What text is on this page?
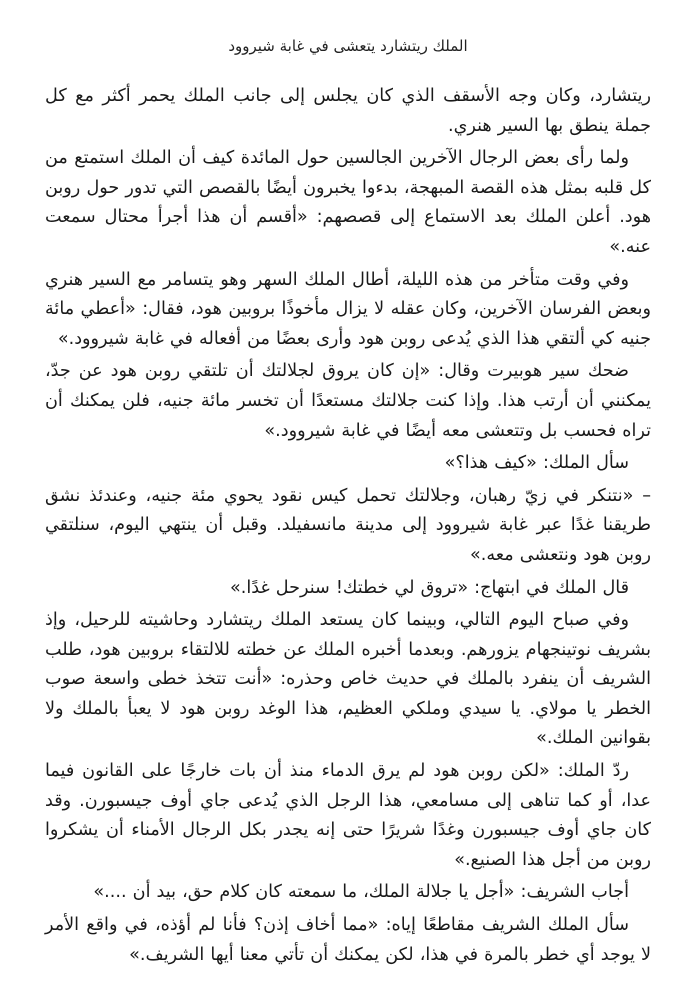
الملك ريتشارد يتعشى في غابة شيروود

ريتشارد، وكان وجه الأسقف الذي كان يجلس إلى جانب الملك يحمر أكثر مع كل جملة ينطق بها السير هنري.

ولما رأى بعض الرجال الآخرين الجالسين حول المائدة كيف أن الملك استمتع من كل قلبه بمثل هذه القصة المبهجة، بدءوا يخبرون أيضًا بالقصص التي تدور حول روبن هود. أعلن الملك بعد الاستماع إلى قصصهم: «أقسم أن هذا أجرأ محتال سمعت عنه.»

وفي وقت متأخر من هذه الليلة، أطال الملك السهر وهو يتسامر مع السير هنري وبعض الفرسان الآخرين، وكان عقله لا يزال مأخوذًا بروبين هود، فقال: «أعطي مائة جنيه كي ألتقي هذا الذي يُدعى روبن هود وأرى بعضًا من أفعاله في غابة شيروود.»

ضحك سير هوبيرت وقال: «إن كان يروق لجلالتك أن تلتقي روبن هود عن جدّ، يمكنني أن أرتب هذا. وإذا كنت جلالتك مستعدًا أن تخسر مائة جنيه، فلن يمكنك أن تراه فحسب بل وتتعشى معه أيضًا في غابة شيروود.»

سأل الملك: «كيف هذا؟»

– «نتنكر في زيّ رهبان، وجلالتك تحمل كيس نقود يحوي مئة جنيه، وعندئذ نشق طريقنا غدًا عبر غابة شيروود إلى مدينة مانسفيلد. وقبل أن ينتهي اليوم، سنلتقي روبن هود ونتعشى معه.»

قال الملك في ابتهاج: «تروق لي خطتك! سنرحل غدًا.»

وفي صباح اليوم التالي، وبينما كان يستعد الملك ريتشارد وحاشيته للرحيل، وإذ بشريف نوتينجهام يزورهم. وبعدما أخبره الملك عن خطته للالتقاء بروبين هود، طلب الشريف أن ينفرد بالملك في حديث خاص وحذره: «أنت تتخذ خطى واسعة صوب الخطر يا مولاي. يا سيدي وملكي العظيم، هذا الوغد روبن هود لا يعبأ بالملك ولا بقوانين الملك.»

ردّ الملك: «لكن روبن هود لم يرق الدماء منذ أن بات خارجًا على القانون فيما عدا، أو كما تناهى إلى مسامعي، هذا الرجل الذي يُدعى جاي أوف جيسبورن. وقد كان جاي أوف جيسبورن وغدًا شريرًا حتى إنه يجدر بكل الرجال الأمناء أن يشكروا روبن من أجل هذا الصنيع.»

أجاب الشريف: «أجل يا جلالة الملك، ما سمعته كان كلام حق، بيد أن ....»

سأل الملك الشريف مقاطعًا إياه: «مما أخاف إذن؟ فأنا لم أؤذه، في واقع الأمر لا يوجد أي خطر بالمرة في هذا، لكن يمكنك أن تأتي معنا أيها الشريف.»
